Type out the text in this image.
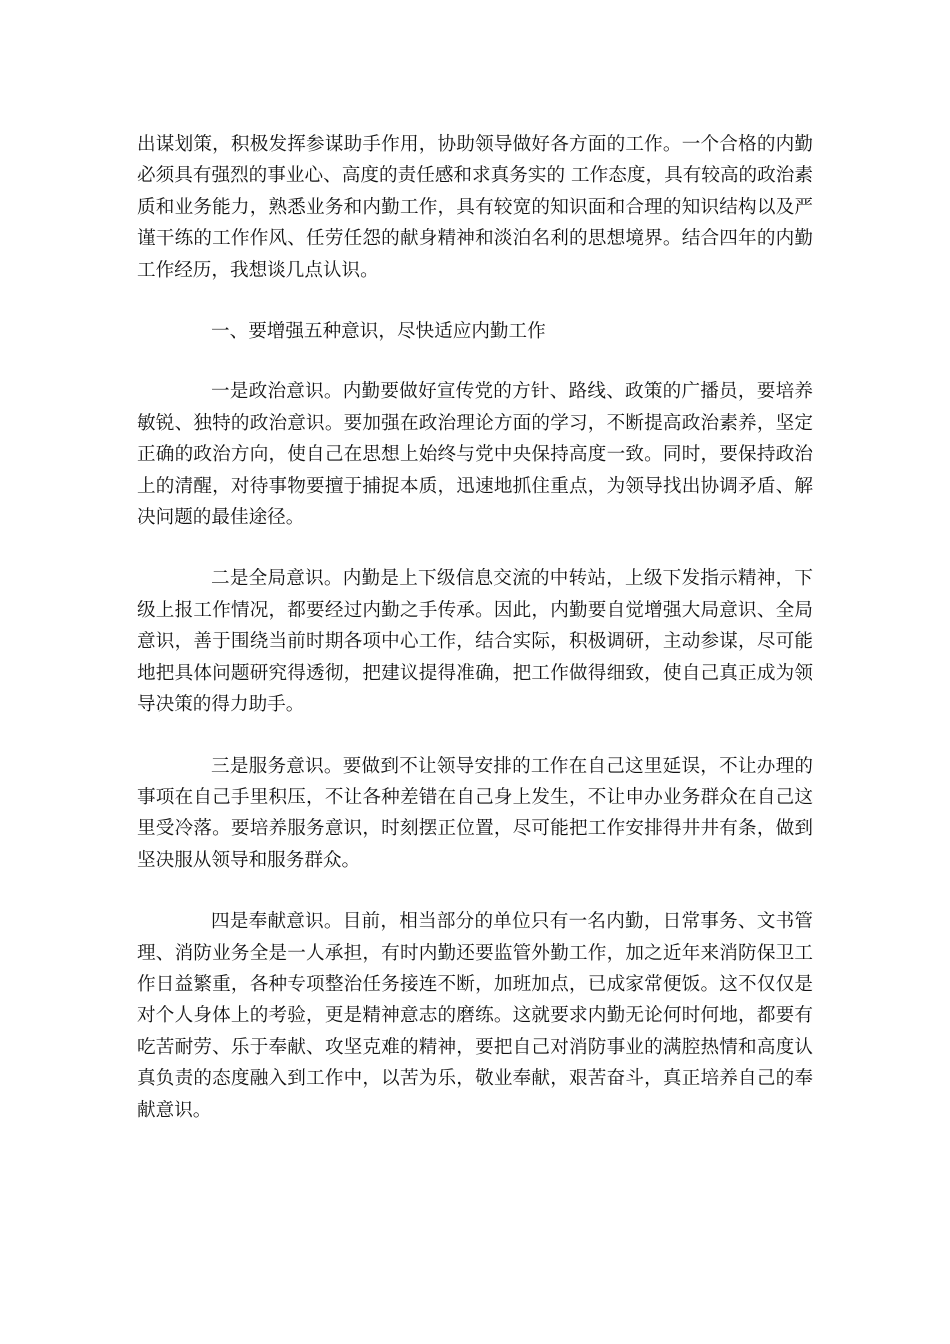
出谋划策，积极发挥参谋助手作用，协助领导做好各方面的工作。一个合格的内勤必须具有强烈的事业心、高度的责任感和求真务实的 工作态度，具有较高的政治素质和业务能力，熟悉业务和内勤工作，具有较宽的知识面和合理的知识结构以及严谨干练的工作作风、任劳任怨的献身精神和淡泊名利的思想境界。结合四年的内勤工作经历，我想谈几点认识。

一、要增强五种意识，尽快适应内勤工作

一是政治意识。内勤要做好宣传党的方针、路线、政策的广播员，要培养敏锐、独特的政治意识。要加强在政治理论方面的学习，不断提高政治素养，坚定正确的政治方向，使自己在思想上始终与党中央保持高度一致。同时，要保持政治上的清醒，对待事物要擅于捕捉本质，迅速地抓住重点，为领导找出协调矛盾、解决问题的最佳途径。

二是全局意识。内勤是上下级信息交流的中转站，上级下发指示精神，下级上报工作情况，都要经过内勤之手传承。因此，内勤要自觉增强大局意识、全局意识，善于围绕当前时期各项中心工作，结合实际，积极调研，主动参谋，尽可能地把具体问题研究得透彻，把建议提得准确，把工作做得细致，使自己真正成为领导决策的得力助手。

三是服务意识。要做到不让领导安排的工作在自己这里延误，不让办理的事项在自己手里积压，不让各种差错在自己身上发生，不让申办业务群众在自己这里受冷落。要培养服务意识，时刻摆正位置，尽可能把工作安排得井井有条，做到坚决服从领导和服务群众。

四是奉献意识。目前，相当部分的单位只有一名内勤，日常事务、文书管理、消防业务全是一人承担，有时内勤还要监管外勤工作，加之近年来消防保卫工作日益繁重，各种专项整治任务接连不断，加班加点，已成家常便饭。这不仅仅是对个人身体上的考验，更是精神意志的磨练。这就要求内勤无论何时何地，都要有吃苦耐劳、乐于奉献、攻坚克难的精神，要把自己对消防事业的满腔热情和高度认真负责的态度融入到工作中，以苦为乐，敬业奉献，艰苦奋斗，真正培养自己的奉献意识。
